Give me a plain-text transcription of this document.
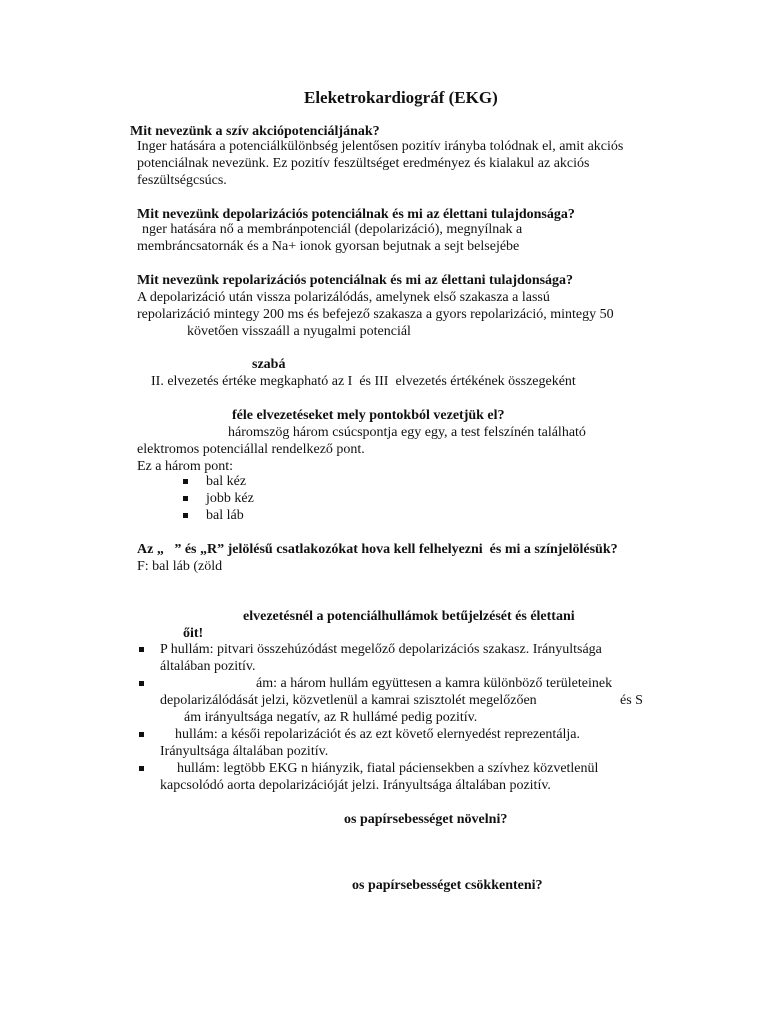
Eleketrokardiográf (EKG)
Mit nevezünk a szív akciópotenciáljának?
Inger hatására a potenciálkülönbség jelentősen pozitív irányba tolódnak el, amit akciós
potenciálnak nevezünk. Ez pozitív feszültséget eredményez és kialakul az akciós
feszültségcsúcs.
Mit nevezünk depolarizációs potenciálnak és mi az élettani tulajdonsága?
nger hatására nő a membránpotenciál (depolarizáció), megnyílnak a
membráncsatornák és a Na+ ionok gyorsan bejutnak a sejt belsejébe
Mit nevezünk repolarizációs potenciálnak és mi az élettani tulajdonsága?
A depolarizáció után vissza polarizálódás, amelynek első szakasza a lassú
repolarizáció mintegy 200 ms és befejező szakasza a gyors repolarizáció, mintegy 50
követően visszaáll a nyugalmi potenciál
szabá
II. elvezetés értéke megkapható az I  és III  elvezetés értékének összegeként
féle elvezetéseket mely pontokból vezetjük el?
háromszög három csúcspontja egy egy, a test felszínén található
elektromos potenciállal rendelkező pont.
Ez a három pont:
bal kéz
jobb kéz
bal láb
Az „   ” és „R” jelölésű csatlakozókat hova kell felhelyezni  és mi a színjelölésük?
F: bal láb (zöld
elvezetésnél a potenciálhullámok betűjelzését és élettani
őit!
P hullám: pitvari összehúzódást megelőző depolarizációs szakasz. Irányultsága
általában pozitív.
ám: a három hullám együttesen a kamra különböző területeinek
depolarizálódását jelzi, közvetlenül a kamrai szisztolét megelőzően	és S
ám irányultsága negatív, az R hullámé pedig pozitív.
hullám: a késői repolarizációt és az ezt követő elernyedést reprezentálja.
Irányultsága általában pozitív.
hullám: legtöbb EKG n hiányzik, fiatal páciensekben a szívhez közvetlenül
kapcsolódó aorta depolarizációját jelzi. Irányultsága általában pozitív.
os papírsebességet növelni?
os papírsebességet csökkenteni?
